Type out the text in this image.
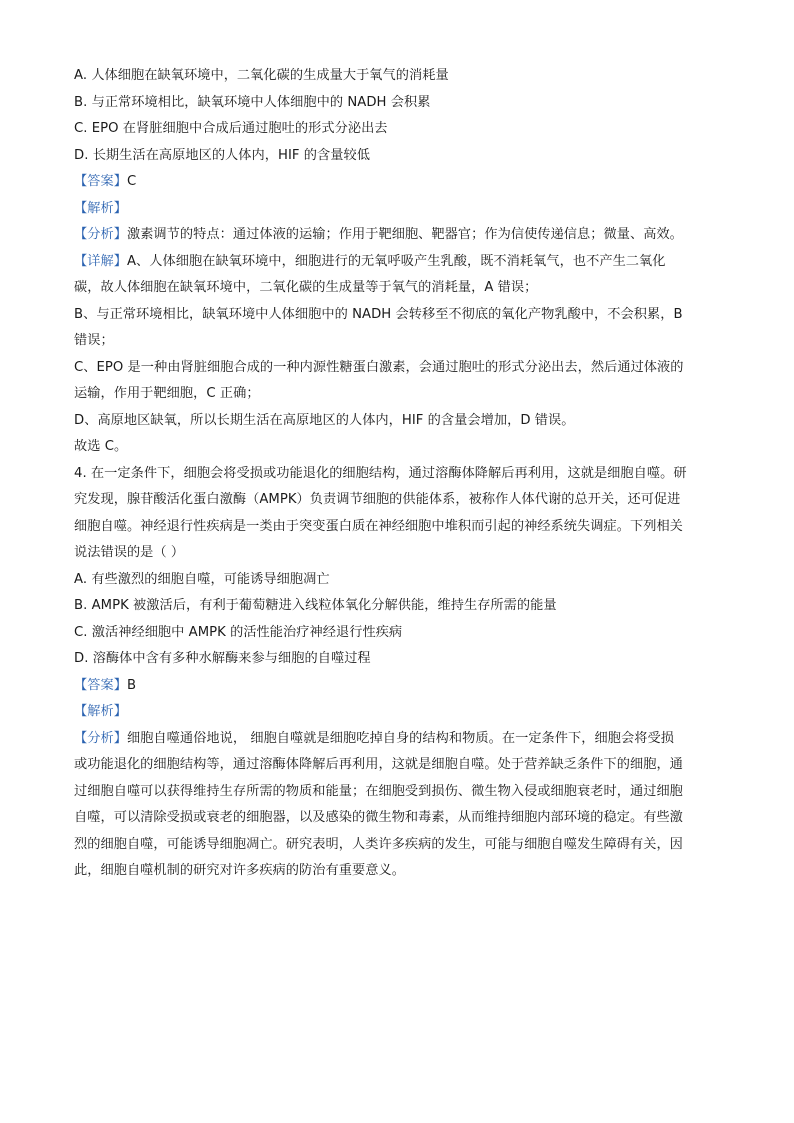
A. 人体细胞在缺氧环境中，二氧化碳的生成量大于氧气的消耗量
B. 与正常环境相比，缺氧环境中人体细胞中的 NADH 会积累
C. EPO 在肾脏细胞中合成后通过胞吐的形式分泌出去
D. 长期生活在高原地区的人体内，HIF 的含量较低
【答案】C
【解析】
【分析】激素调节的特点：通过体液的运输；作用于靶细胞、靶器官；作为信使传递信息；微量、高效。
【详解】A、人体细胞在缺氧环境中，细胞进行的无氧呼吸产生乳酸，既不消耗氧气，也不产生二氧化
碳，故人体细胞在缺氧环境中，二氧化碳的生成量等于氧气的消耗量，A 错误；
B、与正常环境相比，缺氧环境中人体细胞中的 NADH 会转移至不彻底的氧化产物乳酸中，不会积累，B
错误；
C、EPO 是一种由肾脏细胞合成的一种内源性糖蛋白激素，会通过胞吐的形式分泌出去，然后通过体液的
运输，作用于靶细胞，C 正确；
D、高原地区缺氧，所以长期生活在高原地区的人体内，HIF 的含量会增加，D 错误。
故选 C。
4. 在一定条件下，细胞会将受损或功能退化的细胞结构，通过溶酶体降解后再利用，这就是细胞自噬。研
究发现，腺苷酸活化蛋白激酶（AMPK）负责调节细胞的供能体系，被称作人体代谢的总开关，还可促进
细胞自噬。神经退行性疾病是一类由于突变蛋白质在神经细胞中堆积而引起的神经系统失调症。下列相关
说法错误的是（ ）
A. 有些激烈的细胞自噬，可能诱导细胞凋亡
B. AMPK 被激活后，有利于葡萄糖进入线粒体氧化分解供能，维持生存所需的能量
C. 激活神经细胞中 AMPK 的活性能治疗神经退行性疾病
D. 溶酶体中含有多种水解酶来参与细胞的自噬过程
【答案】B
【解析】
【分析】细胞自噬通俗地说， 细胞自噬就是细胞吃掉自身的结构和物质。在一定条件下，细胞会将受损
或功能退化的细胞结构等，通过溶酶体降解后再利用，这就是细胞自噬。处于营养缺乏条件下的细胞，通
过细胞自噬可以获得维持生存所需的物质和能量；在细胞受到损伤、微生物入侵或细胞衰老时，通过细胞
自噬，可以清除受损或衰老的细胞器，以及感染的微生物和毒素，从而维持细胞内部环境的稳定。有些激
烈的细胞自噬，可能诱导细胞凋亡。研究表明，人类许多疾病的发生，可能与细胞自噬发生障碍有关，因
此，细胞自噬机制的研究对许多疾病的防治有重要意义。
